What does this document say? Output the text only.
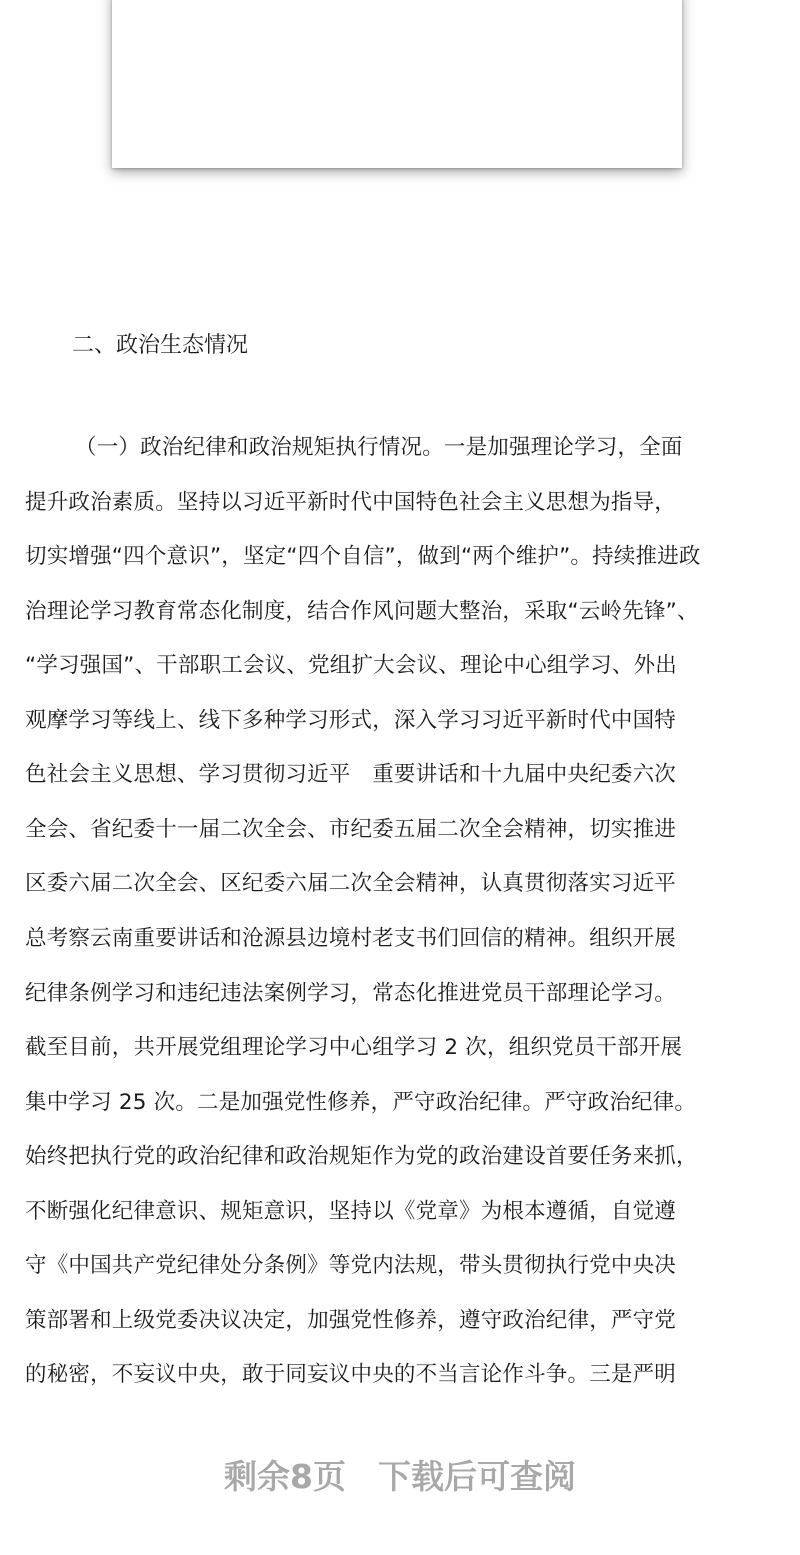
二、政治生态情况
（一）政治纪律和政治规矩执行情况。一是加强理论学习，全面
提升政治素质。坚持以习近平新时代中国特色社会主义思想为指导，
切实增强“四个意识”，坚定“四个自信”，做到“两个维护”。持续推进政
治理论学习教育常态化制度，结合作风问题大整治，采取“云岭先锋”、
“学习强国”、干部职工会议、党组扩大会议、理论中心组学习、外出
观摩学习等线上、线下多种学习形式，深入学习习近平新时代中国特
色社会主义思想、学习贯彻习近平　重要讲话和十九届中央纪委六次
全会、省纪委十一届二次全会、市纪委五届二次全会精神，切实推进
区委六届二次全会、区纪委六届二次全会精神，认真贯彻落实习近平
总考察云南重要讲话和沧源县边境村老支书们回信的精神。组织开展
纪律条例学习和违纪违法案例学习，常态化推进党员干部理论学习。
截至目前，共开展党组理论学习中心组学习 2 次，组织党员干部开展
集中学习 25 次。二是加强党性修养，严守政治纪律。严守政治纪律。
始终把执行党的政治纪律和政治规矩作为党的政治建设首要任务来抓，
不断强化纪律意识、规矩意识，坚持以《党章》为根本遵循，自觉遵
守《中国共产党纪律处分条例》等党内法规，带头贯彻执行党中央决
策部署和上级党委决议决定，加强党性修养，遵守政治纪律，严守党
的秘密，不妄议中央，敢于同妄议中央的不当言论作斗争。三是严明
剩余8页 下载后可查阅
